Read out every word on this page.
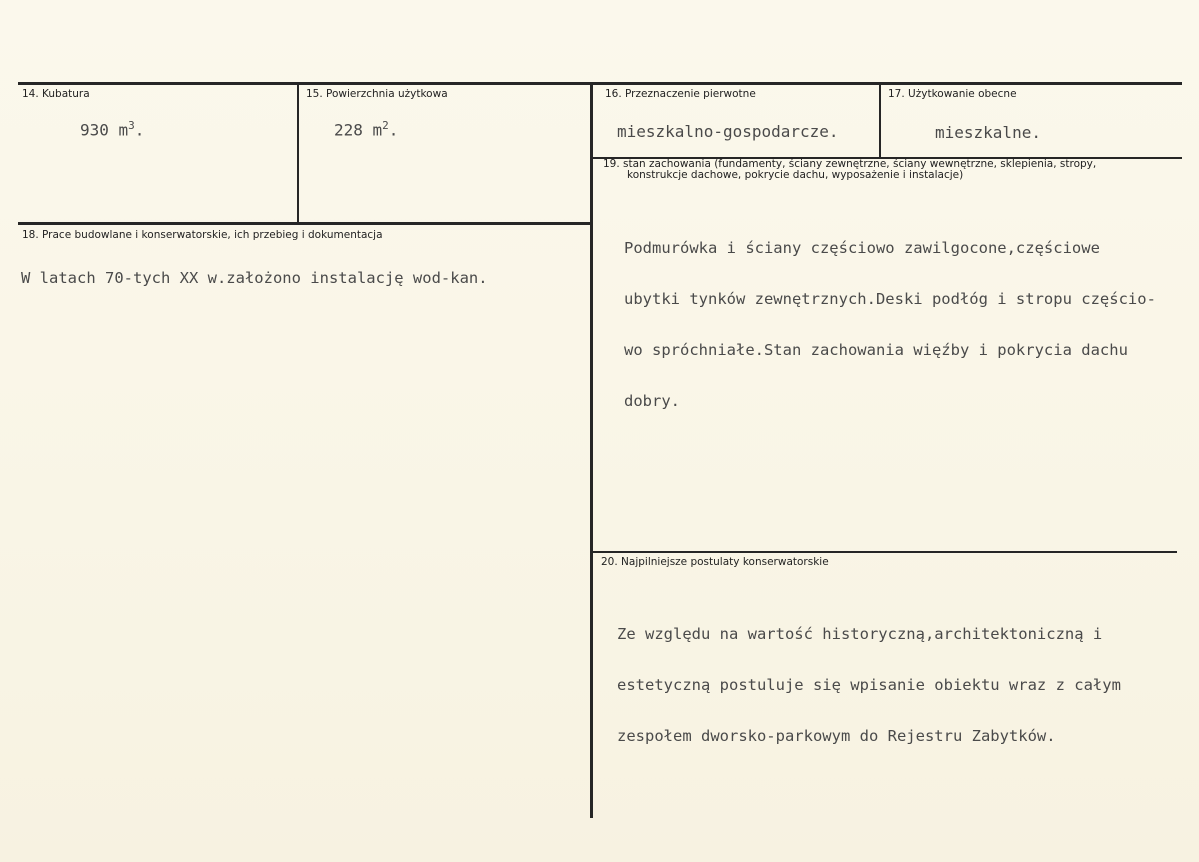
14. Kubatura
930 $m^3$.
15. Powierzchnia użytkowa
228 $m^2$.
16. Przeznaczenie pierwotne
mieszkalno-gospodarcze.
17. Użytkowanie obecne
mieszkalne.
18. Prace budowlane i konserwatorskie, ich przebieg i dokumentacja
W latach 70-tych XX w.założono instalację wod-kan.
19. stan zachowania (fundamenty, ściany zewnętrzne, ściany wewnętrzne, sklepienia, stropy,
konstrukcje dachowe, pokrycie dachu, wyposażenie i instalacje)

Podmurówka i ściany częściowo zawilgocone,częściowe

ubytki tynków zewnętrznych.Deski podłóg i stropu częścio-

wo spróchniałe.Stan zachowania więźby i pokrycia dachu

dobry.

20. Najpilniejsze postulaty konserwatorskie

Ze względu na wartość historyczną,architektoniczną i

estetyczną postuluje się wpisanie obiektu wraz z całym

zespołem dworsko-parkowym do Rejestru Zabytków.
